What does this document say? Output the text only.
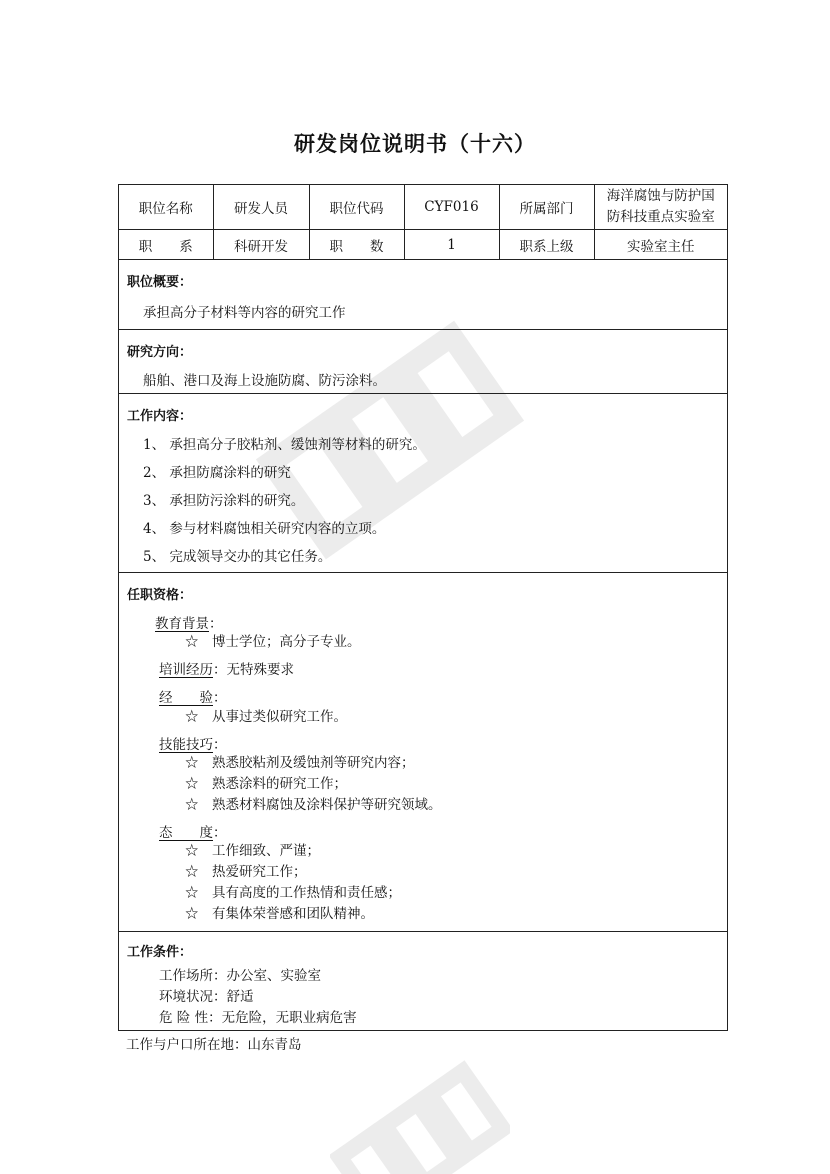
研发岗位说明书（十六）
职位名称	研发人员	职位代码	CYF016	所属部门	海洋腐蚀与防护国
防科技重点实验室

职　　系	科研开发	职　　数	1	职系上级	实验室主任
职位概要：
承担高分子材料等内容的研究工作
研究方向：
船舶、港口及海上设施防腐、防污涂料。
工作内容：
1、 承担高分子胶粘剂、缓蚀剂等材料的研究。
2、 承担防腐涂料的研究
3、 承担防污涂料的研究。
4、 参与材料腐蚀相关研究内容的立项。
5、 完成领导交办的其它任务。
任职资格：
教育背景：
☆　博士学位；高分子专业。
培训经历：无特殊要求
经　　验：
☆　从事过类似研究工作。
技能技巧：
☆　熟悉胶粘剂及缓蚀剂等研究内容；
☆　熟悉涂料的研究工作；
☆　熟悉材料腐蚀及涂料保护等研究领域。
态　　度：
☆　工作细致、严谨；
☆　热爱研究工作；
☆　具有高度的工作热情和责任感；
☆　有集体荣誉感和团队精神。
工作条件：
工作场所：办公室、实验室
环境状况：舒适
危 险 性：无危险，无职业病危害
工作与户口所在地：山东青岛
